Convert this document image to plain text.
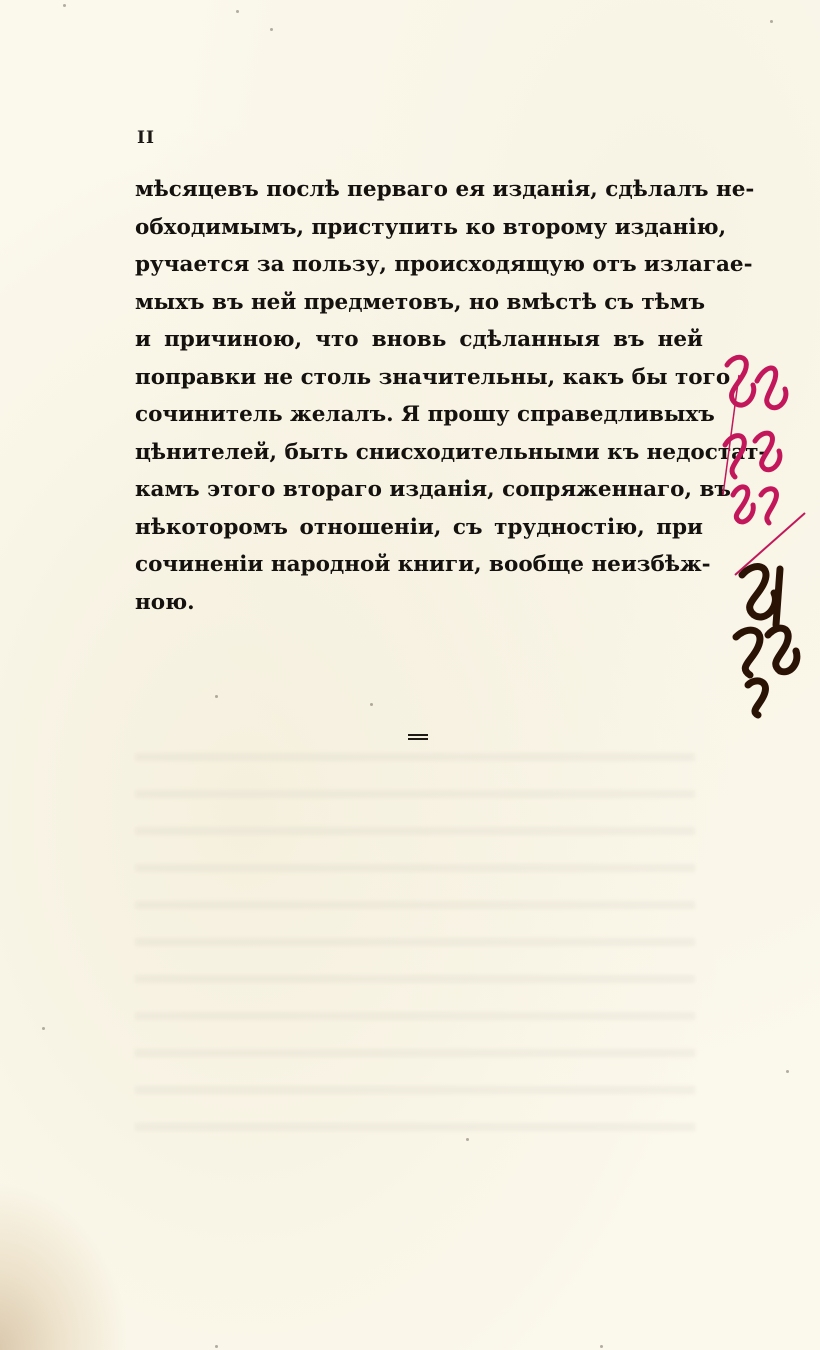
II
мѣсяцевъ послѣ перваго ея изданія, сдѣлалъ не-
обходимымъ, приступить ко второму изданію,
ручается за пользу, происходящую отъ излагае-
мыхъ въ ней предметовъ, но вмѣстѣ съ тѣмъ
и причиною, что вновь сдѣланныя въ ней
поправки не столь значительны, какъ бы того
сочинитель желалъ. Я прошу справедливыхъ
цѣнителей, быть снисходительными къ недостат-
камъ этого втораго изданія, сопряженнаго, въ
нѣкоторомъ отношеніи, съ трудностію, при
сочиненіи народной книги, вообще неизбѣж-
ною.
